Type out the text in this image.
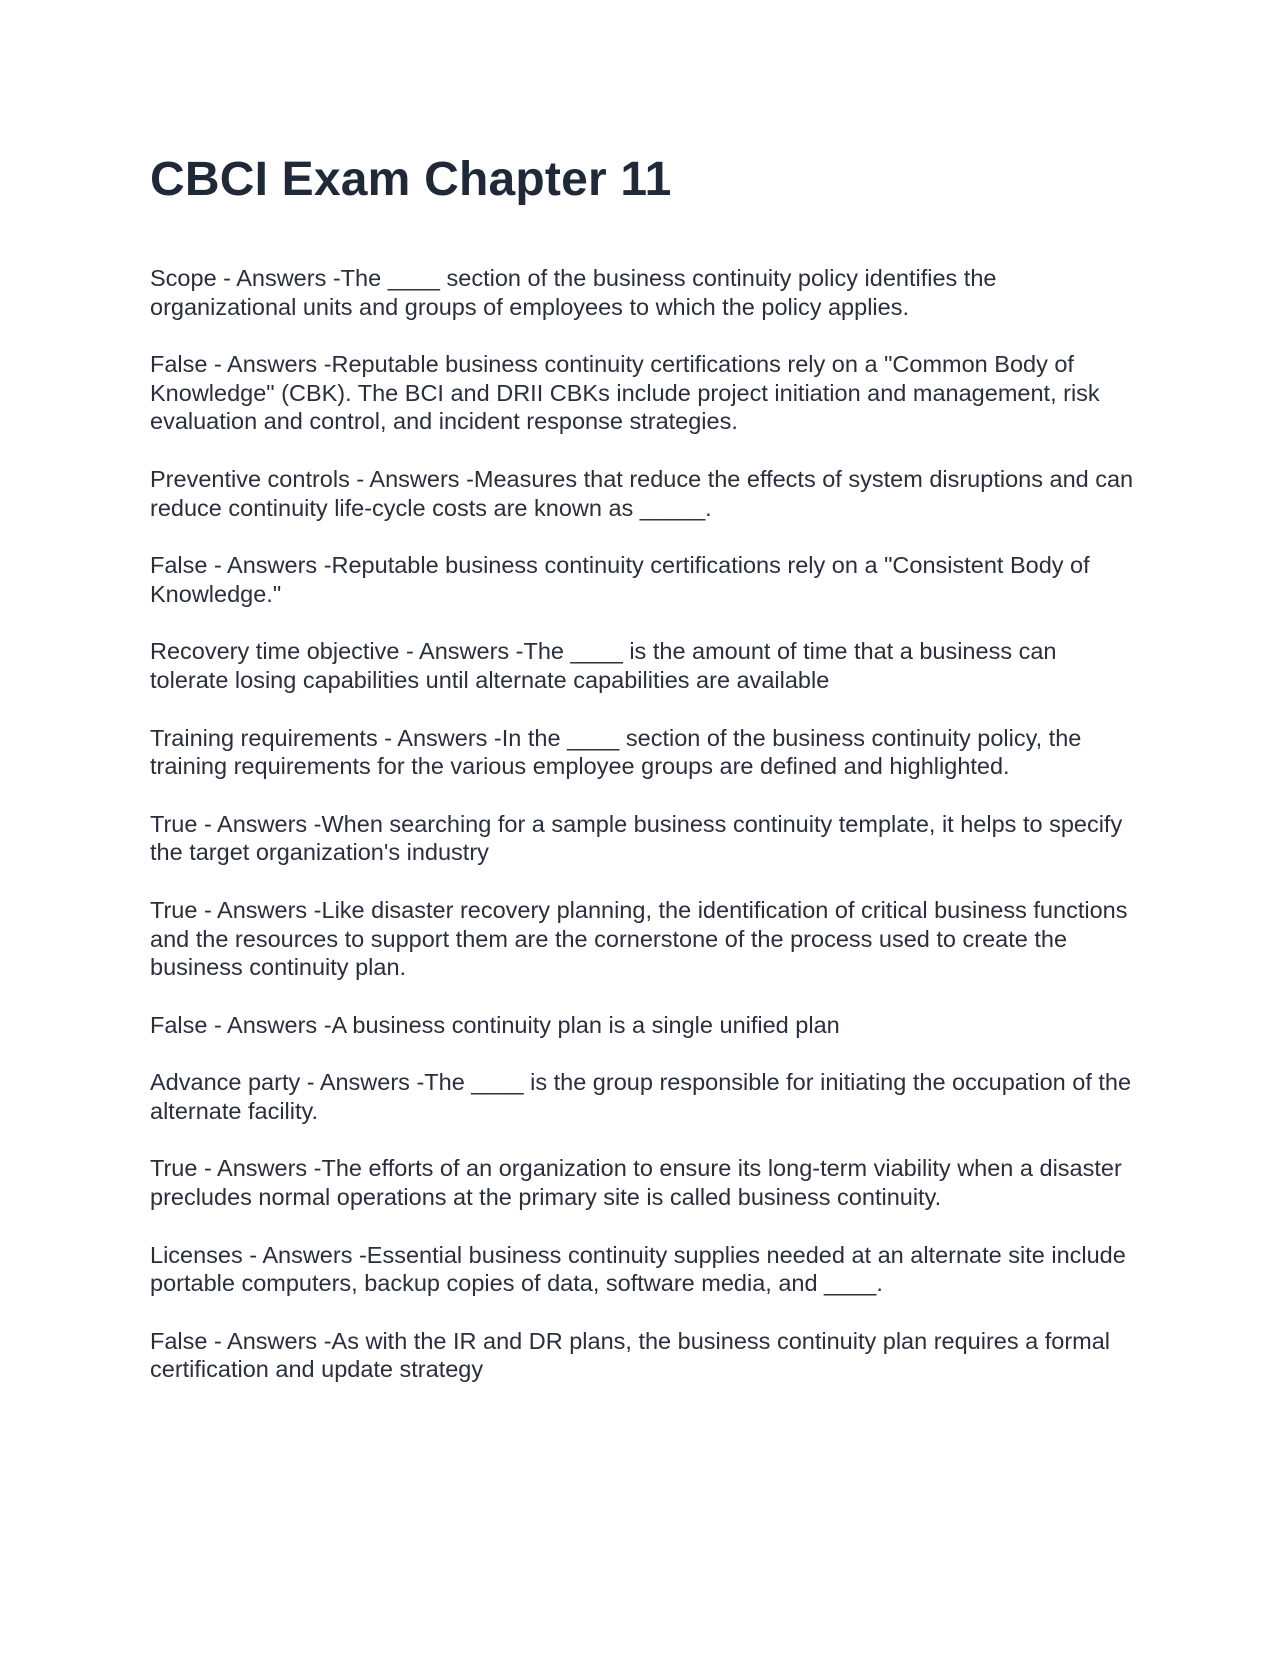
CBCI Exam Chapter 11
Scope - Answers -The ____ section of the business continuity policy identifies the organizational units and groups of employees to which the policy applies.
False - Answers -Reputable business continuity certifications rely on a "Common Body of Knowledge" (CBK). The BCI and DRII CBKs include project initiation and management, risk evaluation and control, and incident response strategies.
Preventive controls - Answers -Measures that reduce the effects of system disruptions and can reduce continuity life-cycle costs are known as _____.
False - Answers -Reputable business continuity certifications rely on a "Consistent Body of Knowledge."
Recovery time objective - Answers -The ____ is the amount of time that a business can tolerate losing capabilities until alternate capabilities are available
Training requirements - Answers -In the ____ section of the business continuity policy, the training requirements for the various employee groups are defined and highlighted.
True - Answers -When searching for a sample business continuity template, it helps to specify the target organization's industry
True - Answers -Like disaster recovery planning, the identification of critical business functions and the resources to support them are the cornerstone of the process used to create the business continuity plan.
False - Answers -A business continuity plan is a single unified plan
Advance party - Answers -The ____ is the group responsible for initiating the occupation of the alternate facility.
True - Answers -The efforts of an organization to ensure its long-term viability when a disaster precludes normal operations at the primary site is called business continuity.
Licenses - Answers -Essential business continuity supplies needed at an alternate site include portable computers, backup copies of data, software media, and ____.
False - Answers -As with the IR and DR plans, the business continuity plan requires a formal certification and update strategy
